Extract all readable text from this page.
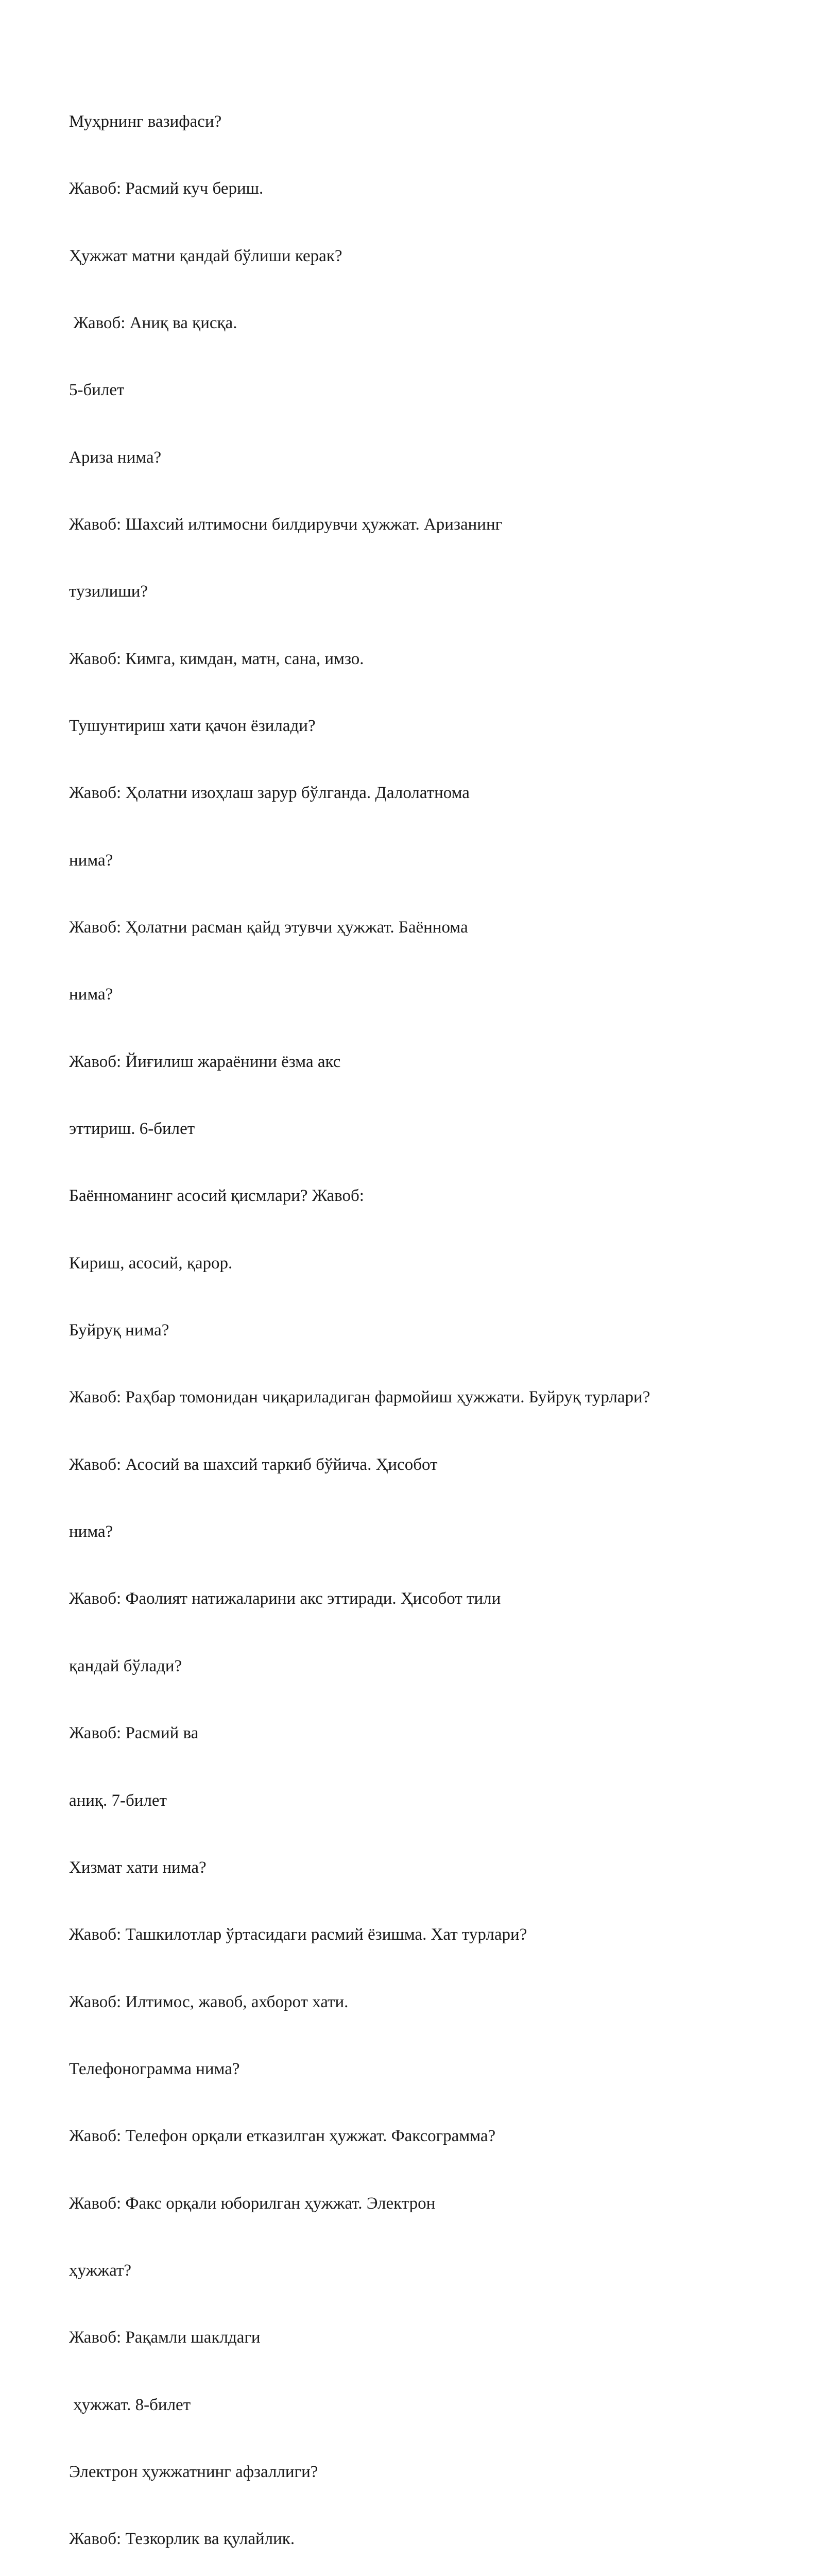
Муҳрнинг вазифаси?

Жавоб: Расмий куч бериш.

Ҳужжат матни қандай бўлиши керак?

Жавоб: Аниқ ва қисқа.

5-билет

Ариза нима?

Жавоб: Шахсий илтимосни билдирувчи ҳужжат. Аризанинг

тузилиши?

Жавоб: Кимга, кимдан, матн, сана, имзо.

Тушунтириш хати қачон ёзилади?

Жавоб: Ҳолатни изоҳлаш зарур бўлганда. Далолатнома

нима?

Жавоб: Ҳолатни расман қайд этувчи ҳужжат. Баённома

нима?

Жавоб: Йиғилиш жараёнини ёзма акс

эттириш. 6-билет

Баённоманинг асосий қисмлари? Жавоб:

Кириш, асосий, қарор.

Буйруқ нима?

Жавоб: Раҳбар томонидан чиқариладиган фармойиш ҳужжати. Буйруқ турлари?

Жавоб: Асосий ва шахсий таркиб бўйича. Ҳисобот

нима?

Жавоб: Фаолият натижаларини акс эттиради. Ҳисобот тили

қандай бўлади?

Жавоб: Расмий ва

аниқ. 7-билет

Хизмат хати нима?

Жавоб: Ташкилотлар ўртасидаги расмий ёзишма. Хат турлари?

Жавоб: Илтимос, жавоб, ахборот хати.

Телефонограмма нима?

Жавоб: Телефон орқали етказилган ҳужжат. Факсограмма?

Жавоб: Факс орқали юборилган ҳужжат. Электрон

ҳужжат?

Жавоб: Рақамли шаклдаги

ҳужжат. 8-билет

Электрон ҳужжатнинг афзаллиги?

Жавоб: Тезкорлик ва қулайлик.
